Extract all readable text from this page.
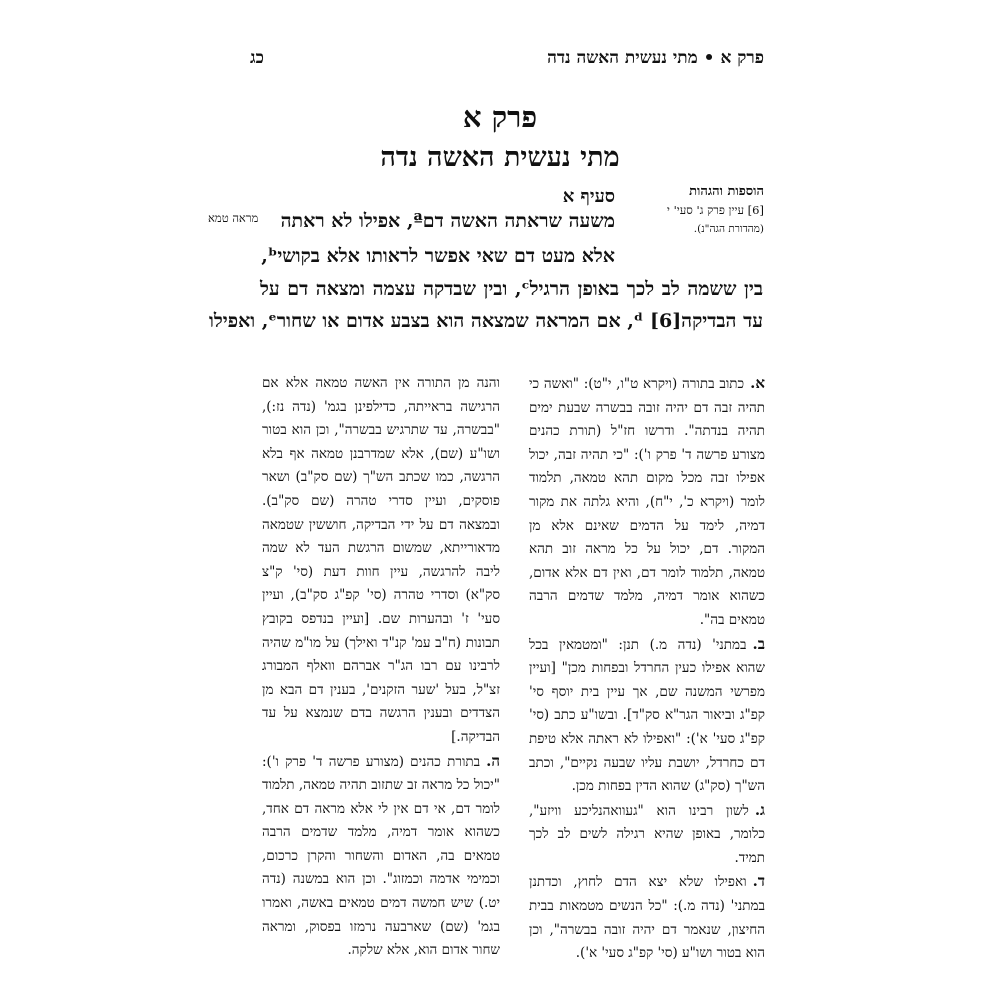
פרק א • מתי נעשית האשה נדה
כג
פרק א
מתי נעשית האשה נדה
הוספות והגהות
[6] עיין פרק ג' סעי' י (מהדורת הגה"נ).
סעיף א
מראה טמא	משעה שראתה האשה דםª, אפילו לא ראתה
אלא מעט דם שאי אפשר לראותו אלא בקושיᵇ,
בין ששמה לב לכך באופן הרגילᶜ, ובין שבדקה עצמה ומצאה דם על
עד הבדיקה[6] ᵈ, אם המראה שמצאה הוא בצבע אדום או שחורᵉ, ואפילו

א.כתוב בתורה (ויקרא ט"ו, י"ט): "ואשה כי תהיה זבה דם יהיה זובה בבשרה שבעת ימים תהיה בנדתה". ודרשו חז"ל (תורת כהנים מצורע פרשה ד' פרק ו'): "כי תהיה זבה, יכול אפילו זבה מכל מקום תהא טמאה, תלמוד לומר (ויקרא כ', י"ח), והיא גלתה את מקור דמיה, לימד על הדמים שאינם אלא מן המקור. דם, יכול על כל מראה זוב תהא טמאה, תלמוד לומר דם, ואין דם אלא אדום, כשהוא אומר דמיה, מלמד שדמים הרבה טמאים בה".

ב.במתני' (נדה מ.) תנן: "ומטמאין בכל שהוא אפילו כעין החרדל ובפחות מכן" [ועיין מפרשי המשנה שם, אך עיין בית יוסף סי' קפ"ג וביאור הגר"א סק"ד]. ובשו"ע כתב (סי' קפ"ג סעי' א'): "ואפילו לא ראתה אלא טיפת דם כחרדל, יושבת עליו שבעה נקיים", וכתב הש"ך (סק"ג) שהוא הדין בפחות מכן.

ג.לשון רבינו הוא "געוואהנליכע וויזע", כלומר, באופן שהיא רגילה לשים לב לכך תמיד.

ד.ואפילו שלא יצא הדם לחוץ, וכדתנן במתני' (נדה מ.): "כל הנשים מטמאות בבית החיצון, שנאמר דם יהיה זובה בבשרה", וכן הוא בטור ושו"ע (סי' קפ"ג סעי' א').

והנה מן התורה אין האשה טמאה אלא אם הרגישה בראייתה, כדילפינן בגמ' (נדה נז:), "בבשרה, עד שתרגיש בבשרה", וכן הוא בטור ושו"ע (שם), אלא שמדרבנן טמאה אף בלא הרגשה, כמו שכתב הש"ך (שם סק"ב) ושאר פוסקים, ועיין סדרי טהרה (שם סק"ב). ובמצאה דם על ידי הבדיקה, חוששין שטמאה מדאורייתא, שמשום הרגשת העד לא שמה ליבה להרגשה, עיין חוות דעת (סי' ק"צ סק"א) וסדרי טהרה (סי' קפ"ג סק"ב), ועיין סעי' ז' ובהערות שם. [ועיין בנדפס בקובץ תבונות (ח"ב עמ' קנ"ד ואילך) על מו"מ שהיה לרבינו עם רבו הג"ר אברהם וואלף המבורג זצ"ל, בעל 'שער הזקנים', בענין דם הבא מן הצדדים ובענין הרגשה בדם שנמצא על עד הבדיקה.]

ה.בתורת כהנים (מצורע פרשה ד' פרק ו'): "יכול כל מראה זב שתזוב תהיה טמאה, תלמוד לומר דם, אי דם אין לי אלא מראה דם אחד, כשהוא אומר דמיה, מלמד שדמים הרבה טמאים בה, האדום והשחור והקרן כרכום, וכמימי אדמה וכמזוג". וכן הוא במשנה (נדה יט.) שיש חמשה דמים טמאים באשה, ואמרו בגמ' (שם) שארבעה נרמזו בפסוק, ומראה שחור אדום הוא, אלא שלקה.
